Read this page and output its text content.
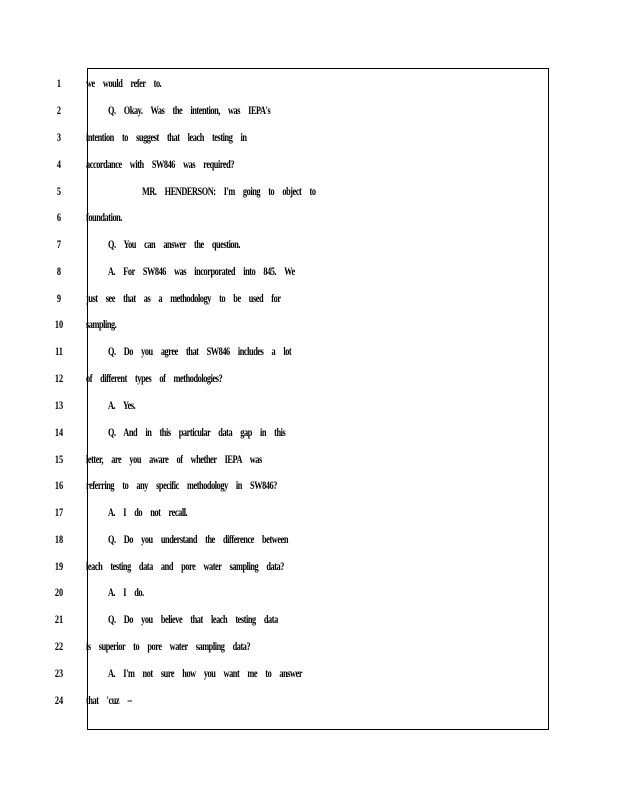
1 we would refer to.
2	Q. Okay. Was the intention, was IEPA's
3 intention to suggest that leach testing in
4 accordance with SW846 was required?
5	MR. HENDERSON: I'm going to object to
6 foundation.
7	Q. You can answer the question.
8	A. For SW846 was incorporated into 845. We
9 just see that as a methodology to be used for
10 sampling.
11	Q. Do you agree that SW846 includes a lot
12 of different types of methodologies?
13	A. Yes.
14	Q. And in this particular data gap in this
15 letter, are you aware of whether IEPA was
16 referring to any specific methodology in SW846?
17	A. I do not recall.
18	Q. Do you understand the difference between
19 leach testing data and pore water sampling data?
20	A. I do.
21	Q. Do you believe that leach testing data
22 is superior to pore water sampling data?
23	A. I'm not sure how you want me to answer
24 that 'cuz --
